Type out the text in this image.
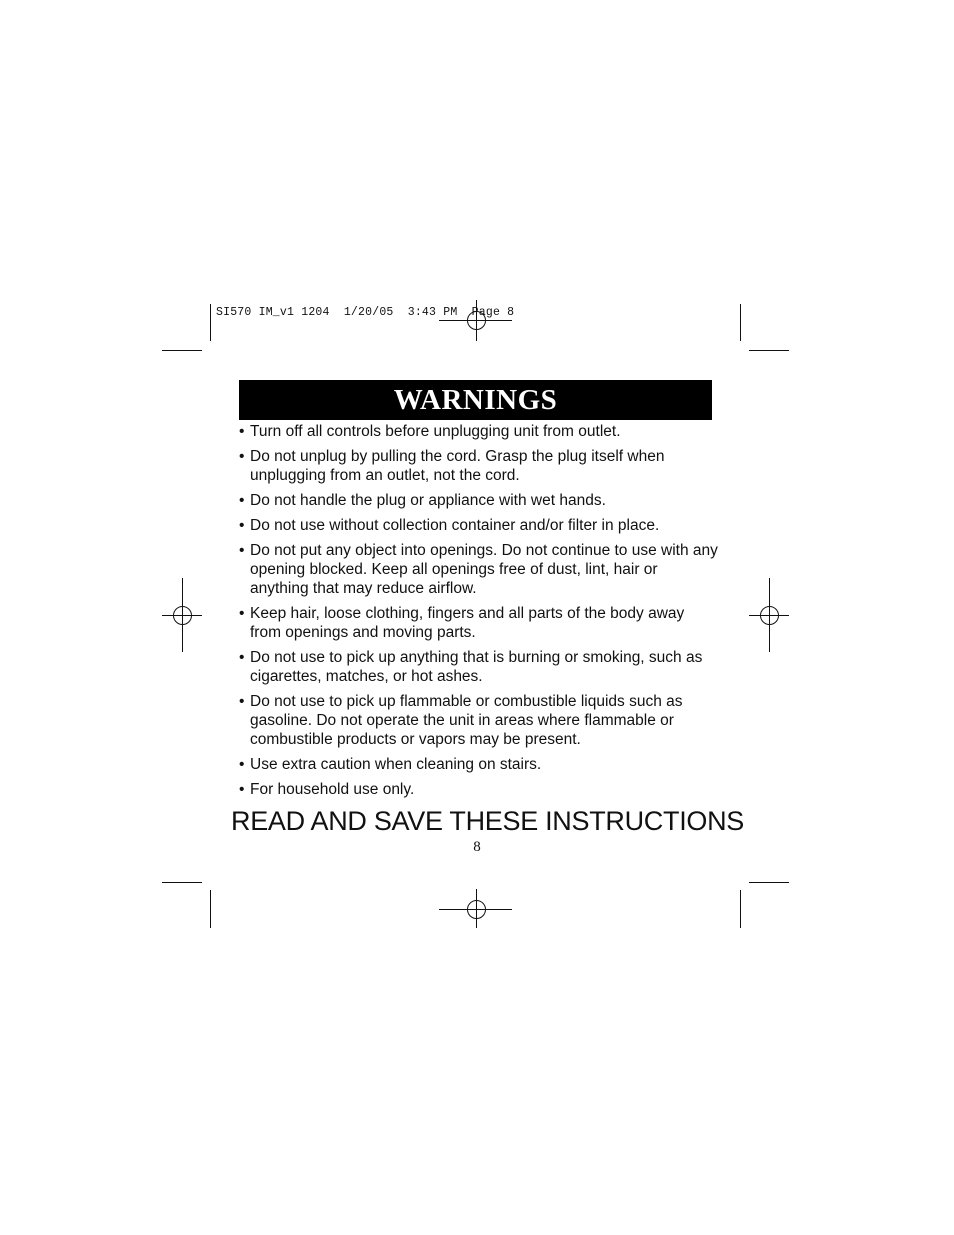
SI570 IM_v1 1204  1/20/05  3:43 PM  Page 8
WARNINGS
• Turn off all controls before unplugging unit from outlet.
• Do not unplug by pulling the cord. Grasp the plug itself when unplugging from an outlet, not the cord.
• Do not handle the plug or appliance with wet hands.
• Do not use without collection container and/or filter in place.
• Do not put any object into openings. Do not continue to use with any opening blocked. Keep all openings free of dust, lint, hair or anything that may reduce airflow.
• Keep hair, loose clothing, fingers and all parts of the body away from openings and moving parts.
• Do not use to pick up anything that is burning or smoking, such as cigarettes, matches, or hot ashes.
• Do not use to pick up flammable or combustible liquids such as gasoline. Do not operate the unit in areas where flammable or combustible products or vapors may be present.
• Use extra caution when cleaning on stairs.
• For household use only.
READ AND SAVE THESE INSTRUCTIONS
8
